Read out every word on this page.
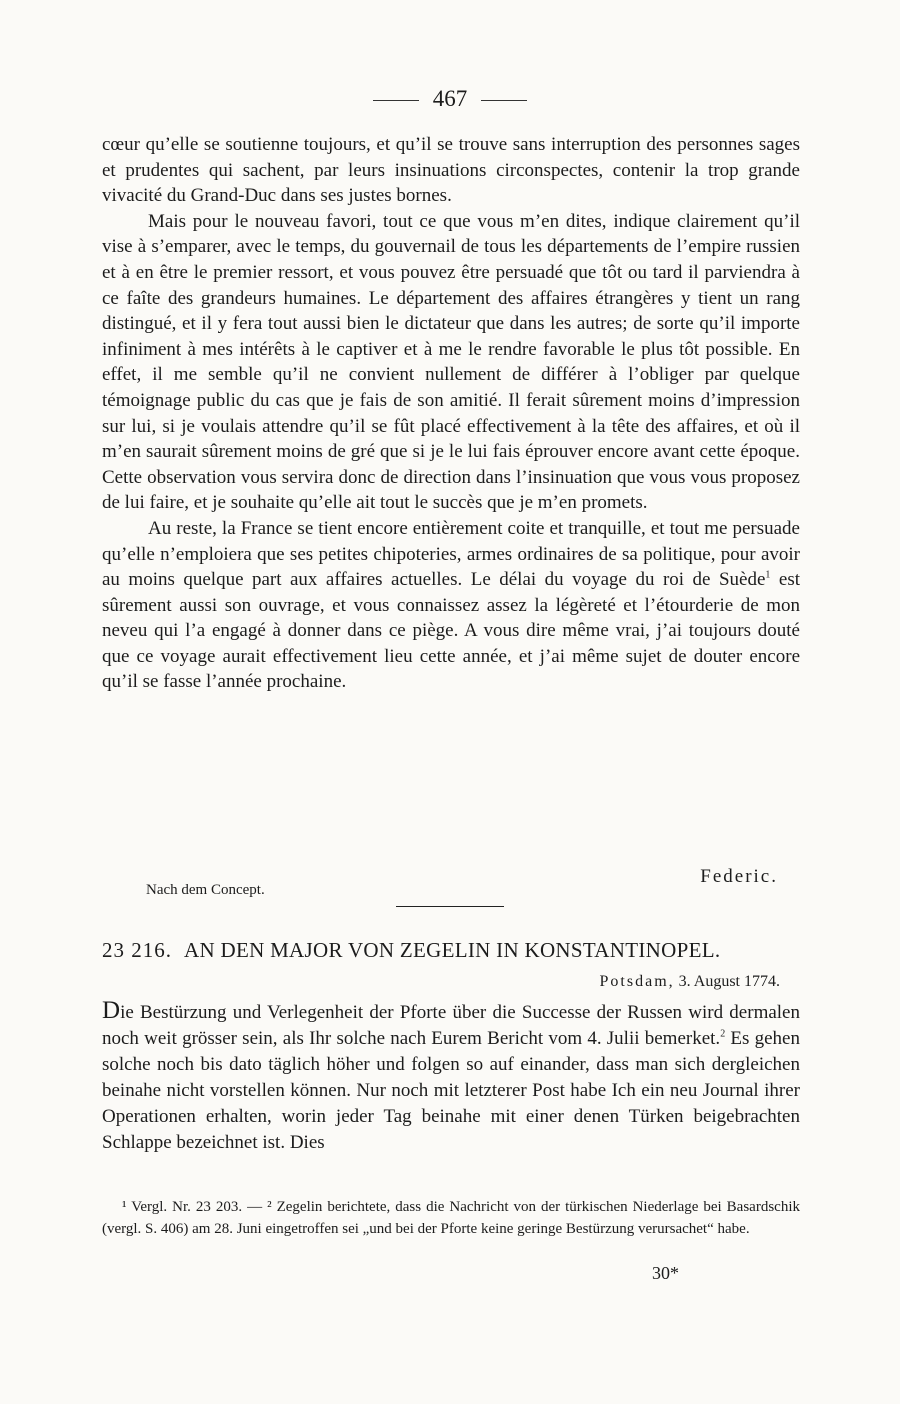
467

cœur qu’elle se soutienne toujours, et qu’il se trouve sans interruption des personnes sages et prudentes qui sachent, par leurs insinuations circonspectes, contenir la trop grande vivacité du Grand-Duc dans ses justes bornes.

Mais pour le nouveau favori, tout ce que vous m’en dites, indique clairement qu’il vise à s’emparer, avec le temps, du gouvernail de tous les départements de l’empire russien et à en être le premier ressort, et vous pouvez être persuadé que tôt ou tard il parviendra à ce faîte des grandeurs humaines. Le département des affaires étrangères y tient un rang distingué, et il y fera tout aussi bien le dictateur que dans les autres; de sorte qu’il importe infiniment à mes intérêts à le captiver et à me le rendre favorable le plus tôt possible. En effet, il me semble qu’il ne convient nullement de différer à l’obliger par quelque témoignage public du cas que je fais de son amitié. Il ferait sûrement moins d’impression sur lui, si je voulais attendre qu’il se fût placé effectivement à la tête des affaires, et où il m’en saurait sûrement moins de gré que si je le lui fais éprouver encore avant cette époque. Cette observation vous servira donc de direction dans l’insinuation que vous vous proposez de lui faire, et je souhaite qu’elle ait tout le succès que je m’en promets.

Au reste, la France se tient encore entièrement coite et tranquille, et tout me persuade qu’elle n’emploiera que ses petites chipoteries, armes ordinaires de sa politique, pour avoir au moins quelque part aux affaires actuelles. Le délai du voyage du roi de Suède$^1$ est sûrement aussi son ouvrage, et vous connaissez assez la légèreté et l’étourderie de mon neveu qui l’a engagé à donner dans ce piège. A vous dire même vrai, j’ai toujours douté que ce voyage aurait effectivement lieu cette année, et j’ai même sujet de douter encore qu’il se fasse l’année prochaine.

Nach dem Concept.
Federic.
23 216. AN DEN MAJOR VON ZEGELIN IN KONSTANTINOPEL.
Potsdam, 3. August 1774.

Die Bestürzung und Verlegenheit der Pforte über die Successe der Russen wird dermalen noch weit grösser sein, als Ihr solche nach Eurem Bericht vom 4. Julii bemerket.$^2$ Es gehen solche noch bis dato täglich höher und folgen so auf einander, dass man sich dergleichen beinahe nicht vorstellen können. Nur noch mit letzterer Post habe Ich ein neu Journal ihrer Operationen erhalten, worin jeder Tag beinahe mit einer denen Türken beigebrachten Schlappe bezeichnet ist. Dies

¹ Vergl. Nr. 23 203. — ² Zegelin berichtete, dass die Nachricht von der türkischen Niederlage bei Basardschik (vergl. S. 406) am 28. Juni eingetroffen sei „und bei der Pforte keine geringe Bestürzung verursachet“ habe.

30*
